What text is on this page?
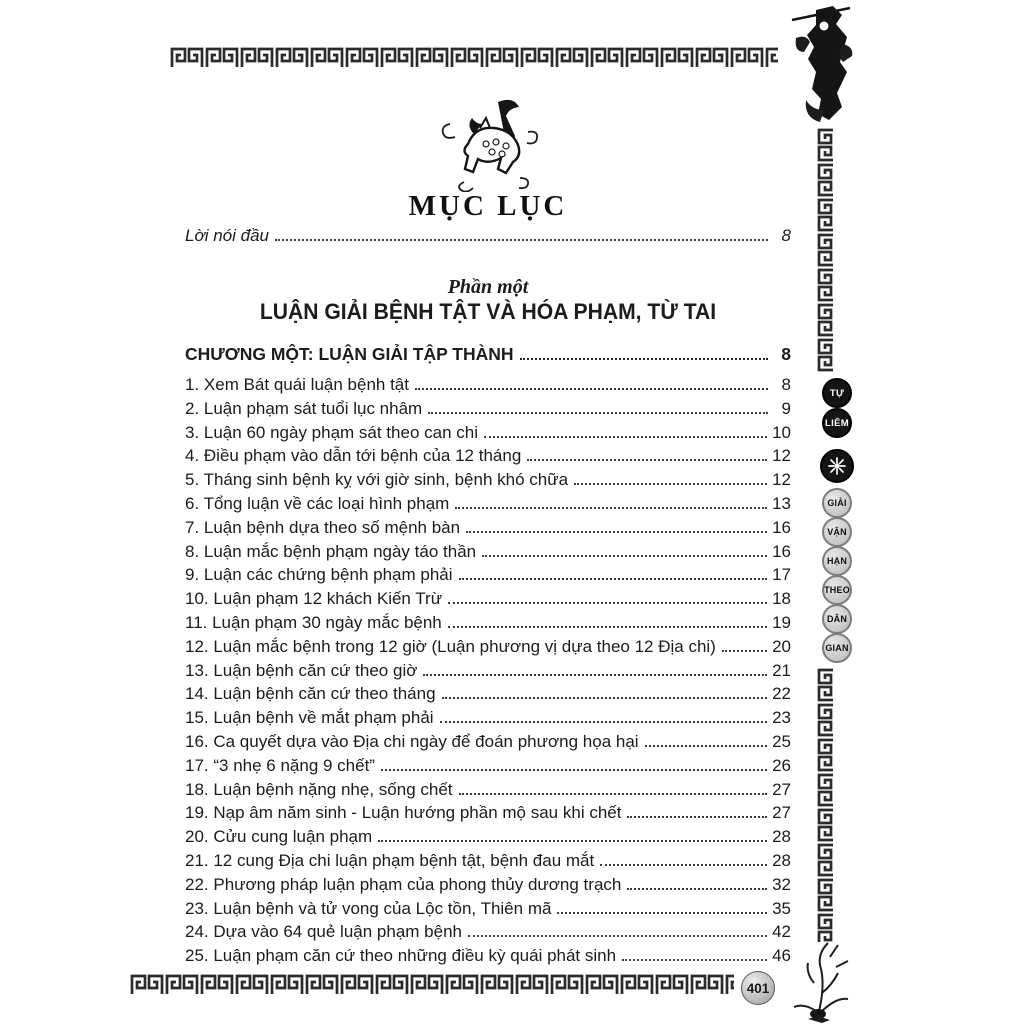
MỤC LỤC
Lời nói đầu	8
Phần một
LUẬN GIẢI BỆNH TẬT VÀ HÓA PHẠM, TỪ TAI
CHƯƠNG MỘT: LUẬN GIẢI TẬP THÀNH	8
1. Xem Bát quái luận bệnh tật	8
2. Luận phạm sát tuổi lục nhâm	9
3. Luận 60 ngày phạm sát theo can chi	10
4. Điều phạm vào dẫn tới bệnh của 12 tháng	12
5. Tháng sinh bệnh kỵ với giờ sinh, bệnh khó chữa	12
6. Tổng luận về các loại hình phạm	13
7. Luận bệnh dựa theo số mệnh bàn	16
8. Luận mắc bệnh phạm ngày táo thần	16
9. Luận các chứng bệnh phạm phải	17
10. Luận phạm 12 khách Kiến Trừ	18
11. Luận phạm 30 ngày mắc bệnh	19
12. Luận mắc bệnh trong 12 giờ (Luận phương vị dựa theo 12 Địa chi)	20
13. Luận bệnh căn cứ theo giờ	21
14. Luận bệnh căn cứ theo tháng	22
15. Luận bệnh về mắt phạm phải	23
16. Ca quyết dựa vào Địa chi ngày để đoán phương họa hại	25
17. “3 nhẹ 6 nặng 9 chết”	26
18. Luận bệnh nặng nhẹ, sống chết	27
19. Nạp âm năm sinh - Luận hướng phần mộ sau khi chết	27
20. Cửu cung luận phạm	28
21. 12 cung Địa chi luận phạm bệnh tật, bệnh đau mắt	28
22. Phương pháp luận phạm của phong thủy dương trạch	32
23. Luận bệnh và tử vong của Lộc tồn, Thiên mã	35
24. Dựa vào 64 quẻ luận phạm bệnh	42
25. Luận phạm căn cứ theo những điều kỳ quái phát sinh	46
TỰ
LIÊM
GIẢI
VẬN
HẠN
THEO
DÂN
GIAN
401
